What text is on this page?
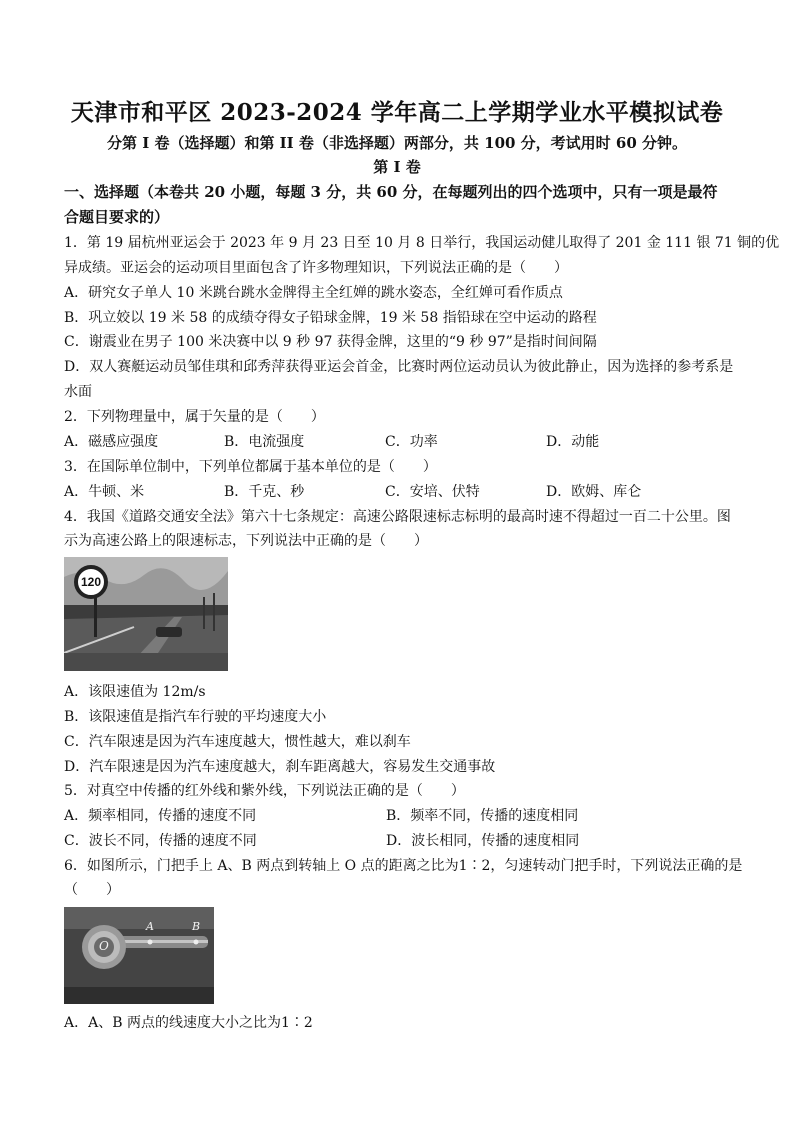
天津市和平区 2023-2024 学年高二上学期学业水平模拟试卷
分第 I 卷（选择题）和第 II 卷（非选择题）两部分，共 100 分，考试用时 60 分钟。
第 I 卷
一、选择题（本卷共 20 小题，每题 3 分，共 60 分，在每题列出的四个选项中，只有一项是最符
合题目要求的）
1．第 19 届杭州亚运会于 2023 年 9 月 23 日至 10 月 8 日举行，我国运动健儿取得了 201 金 111 银 71 铜的优
异成绩。亚运会的运动项目里面包含了许多物理知识，下列说法正确的是（　　）
A．研究女子单人 10 米跳台跳水金牌得主全红婵的跳水姿态，全红婵可看作质点
B．巩立姣以 19 米 58 的成绩夺得女子铅球金牌，19 米 58 指铅球在空中运动的路程
C．谢震业在男子 100 米决赛中以 9 秒 97 获得金牌，这里的“9 秒 97”是指时间间隔
D．双人赛艇运动员邹佳琪和邱秀萍获得亚运会首金，比赛时两位运动员认为彼此静止，因为选择的参考系是
水面
2．下列物理量中，属于矢量的是（　　）
A．磁感应强度	B．电流强度	C．功率	D．动能
3．在国际单位制中，下列单位都属于基本单位的是（　　）
A．牛顿、米	B．千克、秒	C．安培、伏特	D．欧姆、库仑
4．我国《道路交通安全法》第六十七条规定：高速公路限速标志标明的最高时速不得超过一百二十公里。图
示为高速公路上的限速标志，下列说法中正确的是（　　）
120
A．该限速值为 12m/s
B．该限速值是指汽车行驶的平均速度大小
C．汽车限速是因为汽车速度越大，惯性越大，难以刹车
D．汽车限速是因为汽车速度越大，刹车距离越大，容易发生交通事故
5．对真空中传播的红外线和紫外线，下列说法正确的是（　　）
A．频率相同，传播的速度不同	B．频率不同，传播的速度相同
C．波长不同，传播的速度不同	D．波长相同，传播的速度相同
6．如图所示，门把手上 A、B 两点到转轴上 O 点的距离之比为1∶2，匀速转动门把手时，下列说法正确的是
（　　）
A	B
O
A．A、B 两点的线速度大小之比为1∶2
